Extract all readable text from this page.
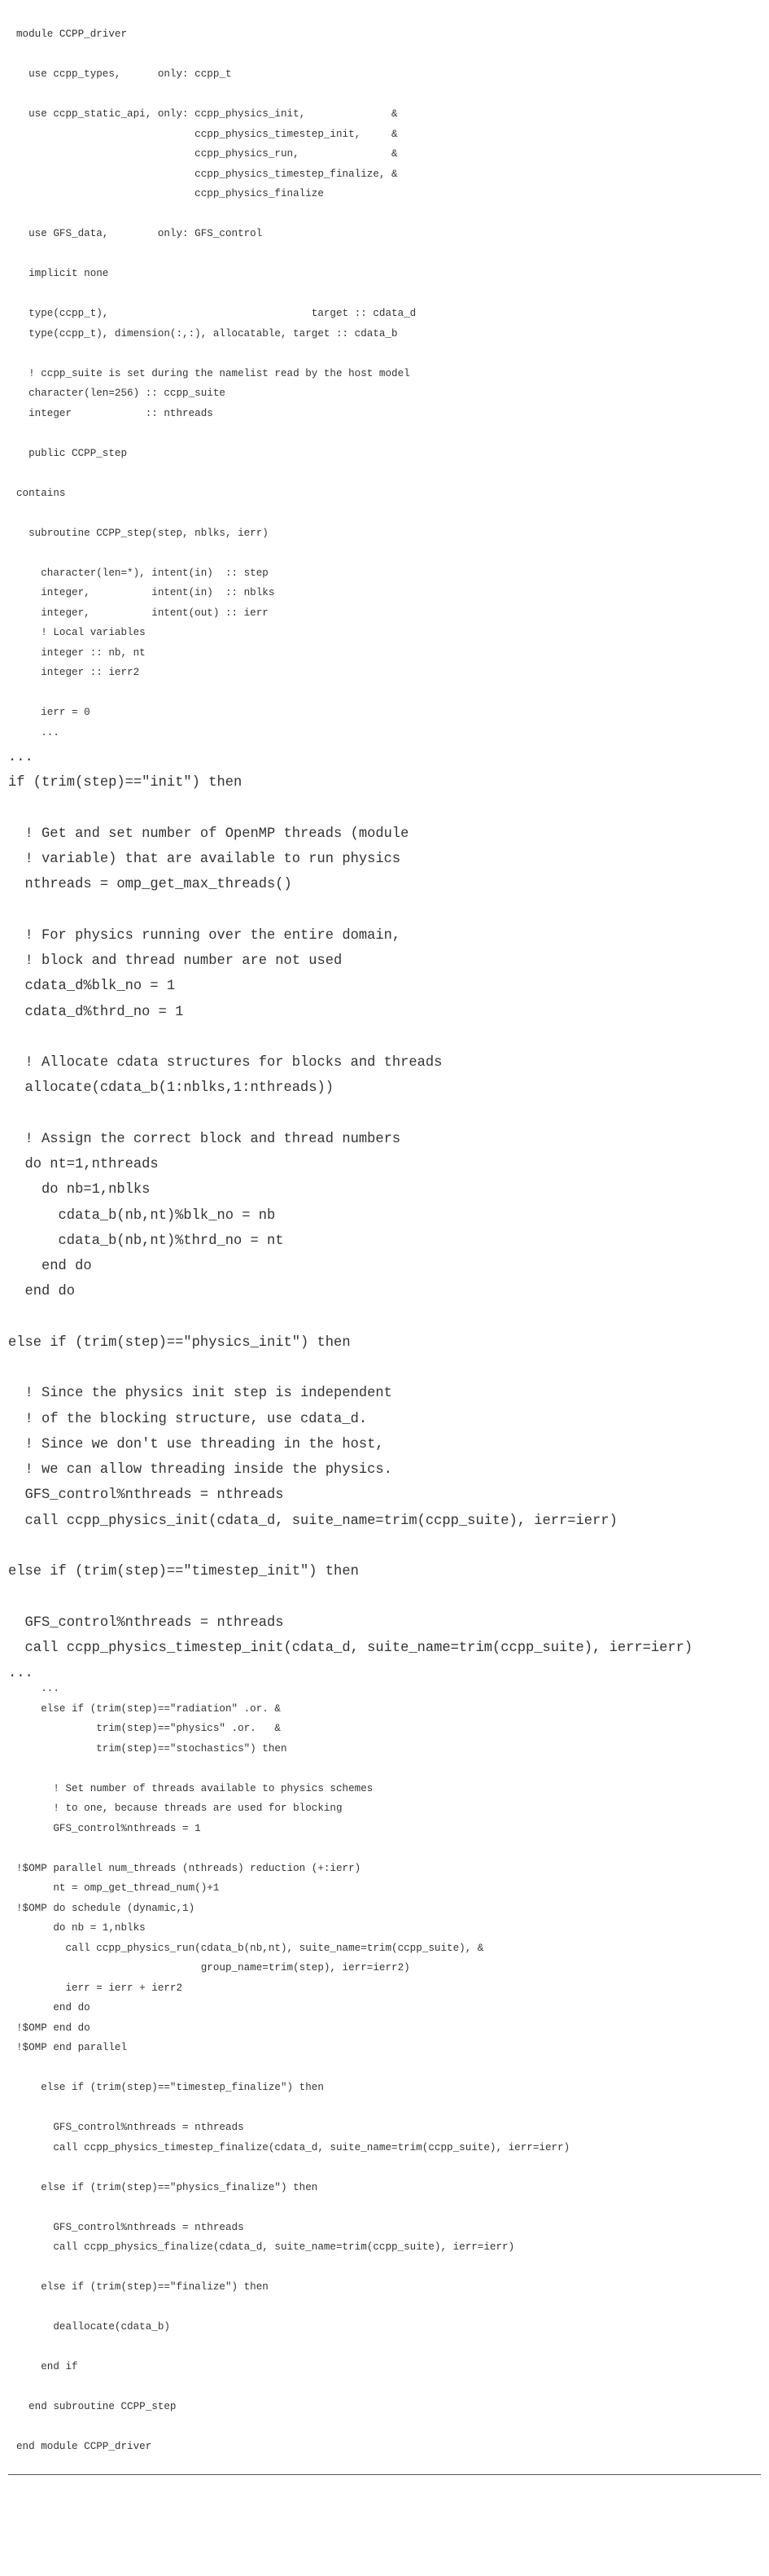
module CCPP_driver

use ccpp_types,      only: ccpp_t

use ccpp_static_api, only: ccpp_physics_init,              &
ccpp_physics_timestep_init,     &
ccpp_physics_run,               &
ccpp_physics_timestep_finalize, &
ccpp_physics_finalize

use GFS_data,        only: GFS_control

implicit none

type(ccpp_t),                                 target :: cdata_d
type(ccpp_t), dimension(:,:), allocatable, target :: cdata_b

! ccpp_suite is set during the namelist read by the host model
character(len=256) :: ccpp_suite
integer            :: nthreads

public CCPP_step

contains

subroutine CCPP_step(step, nblks, ierr)

character(len=*), intent(in)  :: step
integer,          intent(in)  :: nblks
integer,          intent(out) :: ierr
! Local variables
integer :: nb, nt
integer :: ierr2

ierr = 0
...
...
if (trim(step)=="init") then

! Get and set number of OpenMP threads (module
! variable) that are available to run physics
nthreads = omp_get_max_threads()

! For physics running over the entire domain,
! block and thread number are not used
cdata_d%blk_no = 1
cdata_d%thrd_no = 1

! Allocate cdata structures for blocks and threads
allocate(cdata_b(1:nblks,1:nthreads))

! Assign the correct block and thread numbers
do nt=1,nthreads
do nb=1,nblks
cdata_b(nb,nt)%blk_no = nb
cdata_b(nb,nt)%thrd_no = nt
end do
end do

else if (trim(step)=="physics_init") then

! Since the physics init step is independent
! of the blocking structure, use cdata_d.
! Since we don't use threading in the host,
! we can allow threading inside the physics.
GFS_control%nthreads = nthreads
call ccpp_physics_init(cdata_d, suite_name=trim(ccpp_suite), ierr=ierr)

else if (trim(step)=="timestep_init") then

GFS_control%nthreads = nthreads
call ccpp_physics_timestep_init(cdata_d, suite_name=trim(ccpp_suite), ierr=ierr)
...
...
else if (trim(step)=="radiation" .or. &
trim(step)=="physics" .or.   &
trim(step)=="stochastics") then

! Set number of threads available to physics schemes
! to one, because threads are used for blocking
GFS_control%nthreads = 1

!$OMP parallel num_threads (nthreads) reduction (+:ierr)
nt = omp_get_thread_num()+1
!$OMP do schedule (dynamic,1)
do nb = 1,nblks
call ccpp_physics_run(cdata_b(nb,nt), suite_name=trim(ccpp_suite), &
group_name=trim(step), ierr=ierr2)
ierr = ierr + ierr2
end do
!$OMP end do
!$OMP end parallel

else if (trim(step)=="timestep_finalize") then

GFS_control%nthreads = nthreads
call ccpp_physics_timestep_finalize(cdata_d, suite_name=trim(ccpp_suite), ierr=ierr)

else if (trim(step)=="physics_finalize") then

GFS_control%nthreads = nthreads
call ccpp_physics_finalize(cdata_d, suite_name=trim(ccpp_suite), ierr=ierr)

else if (trim(step)=="finalize") then

deallocate(cdata_b)

end if

end subroutine CCPP_step

end module CCPP_driver
